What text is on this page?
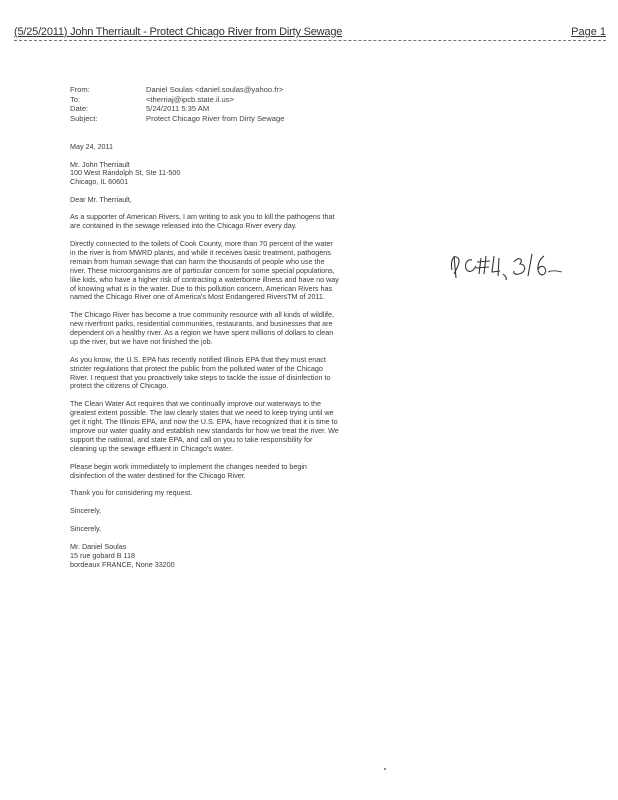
(5/25/2011) John Therriault - Protect Chicago River from Dirty Sewage	Page 1
From:	Daniel Soulas <daniel.soulas@yahoo.fr>
To:	<therriaj@ipcb.state.il.us>
Date:	5/24/2011 5:35 AM
Subject:	Protect Chicago River from Dirty Sewage

May 24, 2011

Mr. John Therriault

100 West Randolph St, Ste 11-500

Chicago, IL 60601

Dear Mr. Therriault,

As a supporter of American Rivers, I am writing to ask you to kill the pathogens that are contained in the sewage released into the Chicago River every day.

Directly connected to the toilets of Cook County, more than 70 percent of the water in the river is from MWRD plants, and while it receives basic treatment, pathogens remain from human sewage that can harm the thousands of people who use the river. These microorganisms are of particular concern for some special populations, like kids, who have a higher risk of contracting a waterborne illness and have no way of knowing what is in the water. Due to this pollution concern, American Rivers has named the Chicago River one of America's Most Endangered RiversTM of 2011.

The Chicago River has become a true community resource with all kinds of wildlife, new riverfront parks, residential communities, restaurants, and businesses that are dependent on a healthy river. As a region we have spent millions of dollars to clean up the river, but we have not finished the job.

As you know, the U.S. EPA has recently notified Illinois EPA that they must enact stricter regulations that protect the public from the polluted water of the Chicago River. I request that you proactively take steps to tackle the issue of disinfection to protect the citizens of Chicago.

The Clean Water Act requires that we continually improve our waterways to the greatest extent possible. The law clearly states that we need to keep trying until we get it right. The Illinois EPA, and now the U.S. EPA, have recognized that it is time to improve our water quality and establish new standards for how we treat the river. We support the national, and state EPA, and call on you to take responsibility for cleaning up the sewage effluent in Chicago's water.

Please begin work immediately to implement the changes needed to begin disinfection of the water destined for the Chicago River.

Thank you for considering my request.

Sincerely,

Sincerely,

Mr. Daniel Soulas

15 rue gobard B 118

bordeaux FRANCE, None 33200
